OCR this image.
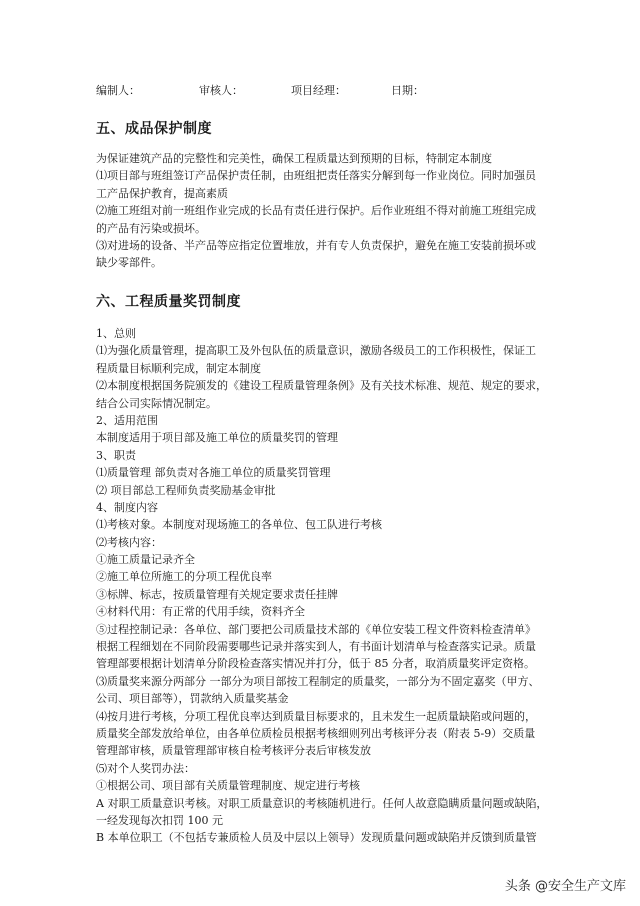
编制人：	审核人：	项目经理：	日期：
五、成品保护制度
为保证建筑产品的完整性和完美性，确保工程质量达到预期的目标，特制定本制度
⑴项目部与班组签订产品保护责任制，由班组把责任落实分解到每一作业岗位。同时加强员
工产品保护教育，提高素质
⑵施工班组对前一班组作业完成的长品有责任进行保护。后作业班组不得对前施工班组完成
的产品有污染或损坏。
⑶对进场的设备、半产品等应指定位置堆放，并有专人负责保护，避免在施工安装前损坏或
缺少零部件。
六、工程质量奖罚制度
1、总则
⑴为强化质量管理，提高职工及外包队伍的质量意识，激励各级员工的工作积极性，保证工
程质量目标顺利完成，制定本制度
⑵本制度根据国务院颁发的《建设工程质量管理条例》及有关技术标准、规范、规定的要求，
结合公司实际情况制定。
2、适用范围
本制度适用于项目部及施工单位的质量奖罚的管理
3、职责
⑴质量管理 部负责对各施工单位的质量奖罚管理
⑵ 项目部总工程师负责奖励基金审批
4、制度内容
⑴考核对象。本制度对现场施工的各单位、包工队进行考核
⑵考核内容：
①施工质量记录齐全
②施工单位所施工的分项工程优良率
③标牌、标志，按质量管理有关规定要求责任挂牌
④材料代用：有正常的代用手续，资料齐全
⑤过程控制记录：各单位、部门要把公司质量技术部的《单位安装工程文件资料检查清单》
根据工程细划在不同阶段需要哪些记录并落实到人，有书面计划清单与检查落实记录。质量
管理部要根据计划清单分阶段检查落实情况并打分，低于 85 分者，取消质量奖评定资格。
⑶质量奖来源分两部分 一部分为项目部按工程制定的质量奖，一部分为不固定嘉奖（甲方、
公司、项目部等），罚款纳入质量奖基金
⑷按月进行考核，分项工程优良率达到质量目标要求的，且未发生一起质量缺陷或问题的，
质量奖全部发放给单位，由各单位质检员根据考核细则列出考核评分表（附表 5-9）交质量
管理部审核，质量管理部审核自检考核评分表后审核发放
⑸对个人奖罚办法：
①根据公司、项目部有关质量管理制度、规定进行考核
A 对职工质量意识考核。对职工质量意识的考核随机进行。任何人故意隐瞒质量问题或缺陷，
一经发现每次扣罚 100 元
B 本单位职工（不包括专兼质检人员及中层以上领导）发现质量问题或缺陷并反馈到质量管
头条 @安全生产文库
